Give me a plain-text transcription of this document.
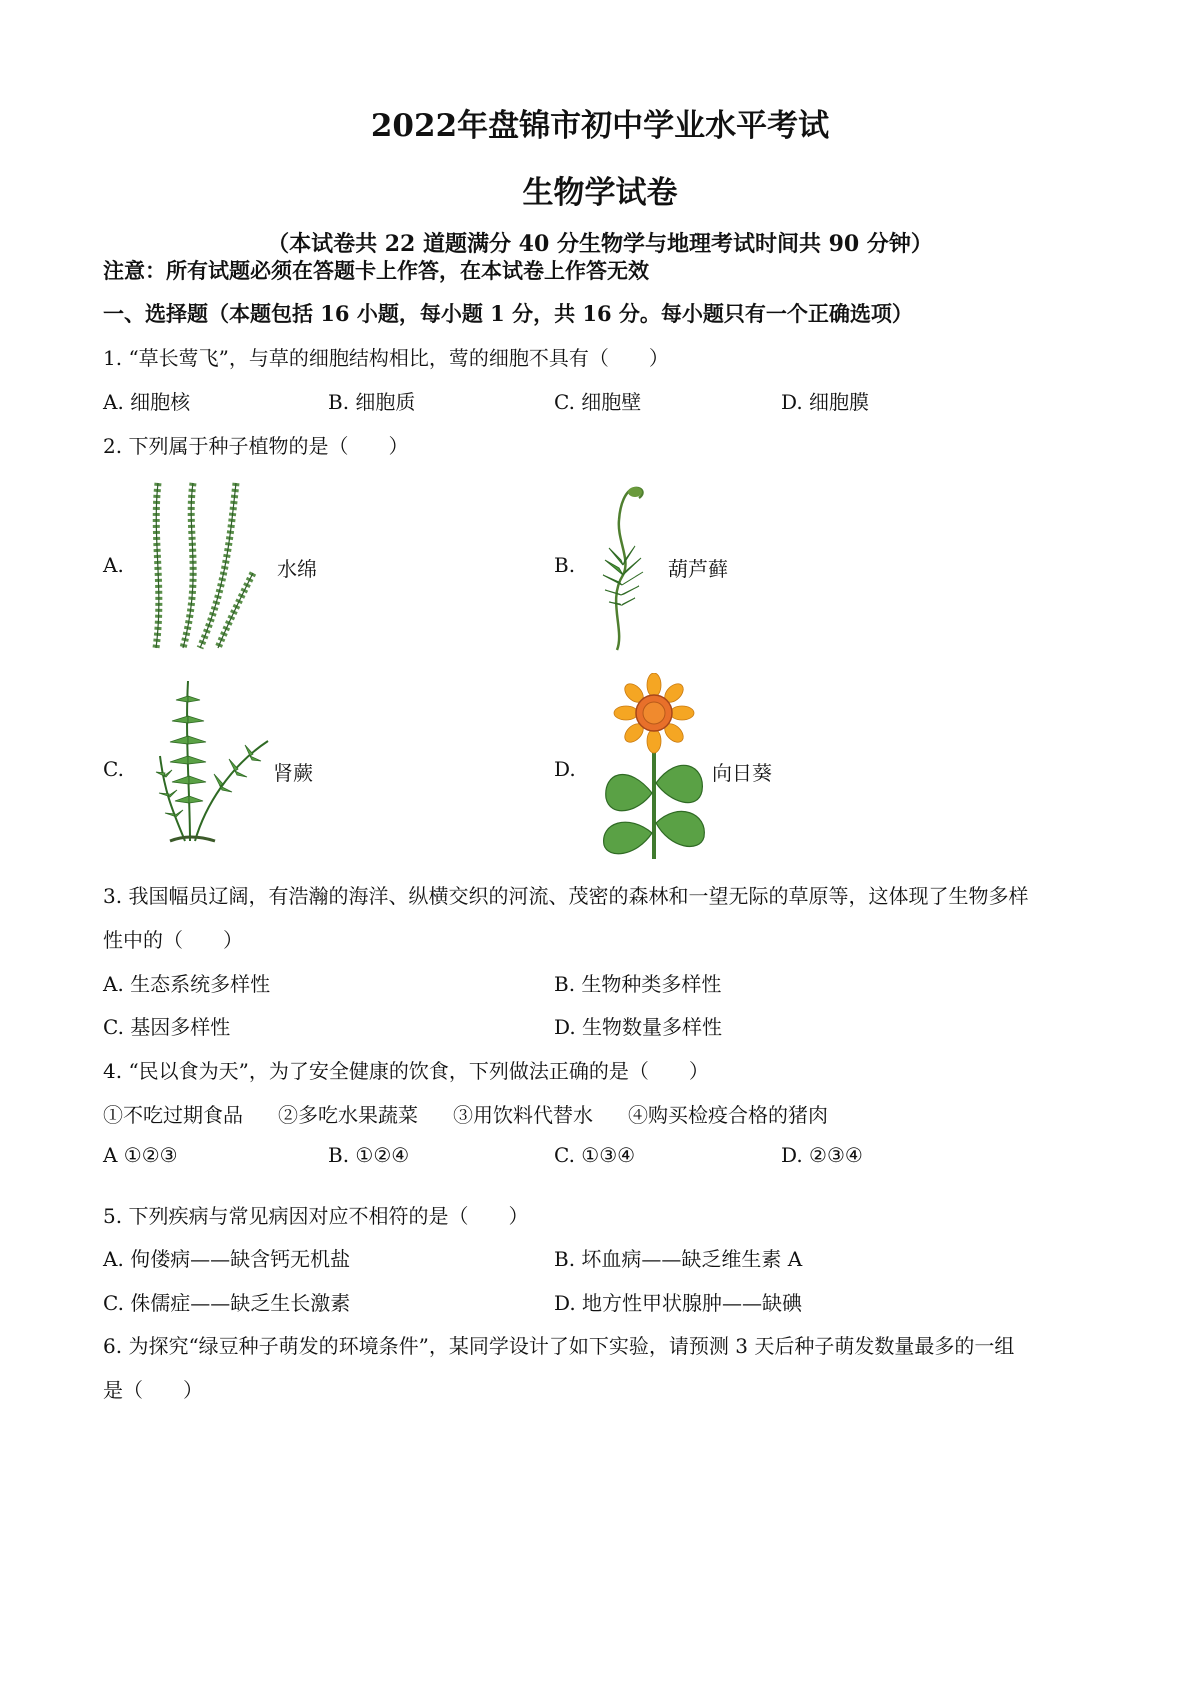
2022年盘锦市初中学业水平考试
生物学试卷
（本试卷共 22 道题满分 40 分生物学与地理考试时间共 90 分钟）
注意：所有试题必须在答题卡上作答，在本试卷上作答无效
一、选择题（本题包括 16 小题，每小题 1 分，共 16 分。每小题只有一个正确选项）
1. “草长莺飞”，与草的细胞结构相比，莺的细胞不具有（　　）
A. 细胞核	B. 细胞质	C. 细胞壁	D. 细胞膜
2. 下列属于种子植物的是（　　）
A.	水绵	B.	葫芦藓
C.	肾蕨	D.	向日葵
3. 我国幅员辽阔，有浩瀚的海洋、纵横交织的河流、茂密的森林和一望无际的草原等，这体现了生物多样
性中的（　　）
A. 生态系统多样性	B. 生物种类多样性
C. 基因多样性	D. 生物数量多样性
4. “民以食为天”，为了安全健康的饮食，下列做法正确的是（　　）
①不吃过期食品 ②多吃水果蔬菜 ③用饮料代替水 ④购买检疫合格的猪肉
A ①②③	B. ①②④	C. ①③④	D. ②③④
5. 下列疾病与常见病因对应不相符的是（　　）
A. 佝偻病——缺含钙无机盐	B. 坏血病——缺乏维生素 A
C. 侏儒症——缺乏生长激素	D. 地方性甲状腺肿——缺碘
6. 为探究“绿豆种子萌发的环境条件”，某同学设计了如下实验，请预测 3 天后种子萌发数量最多的一组
是（　　）
